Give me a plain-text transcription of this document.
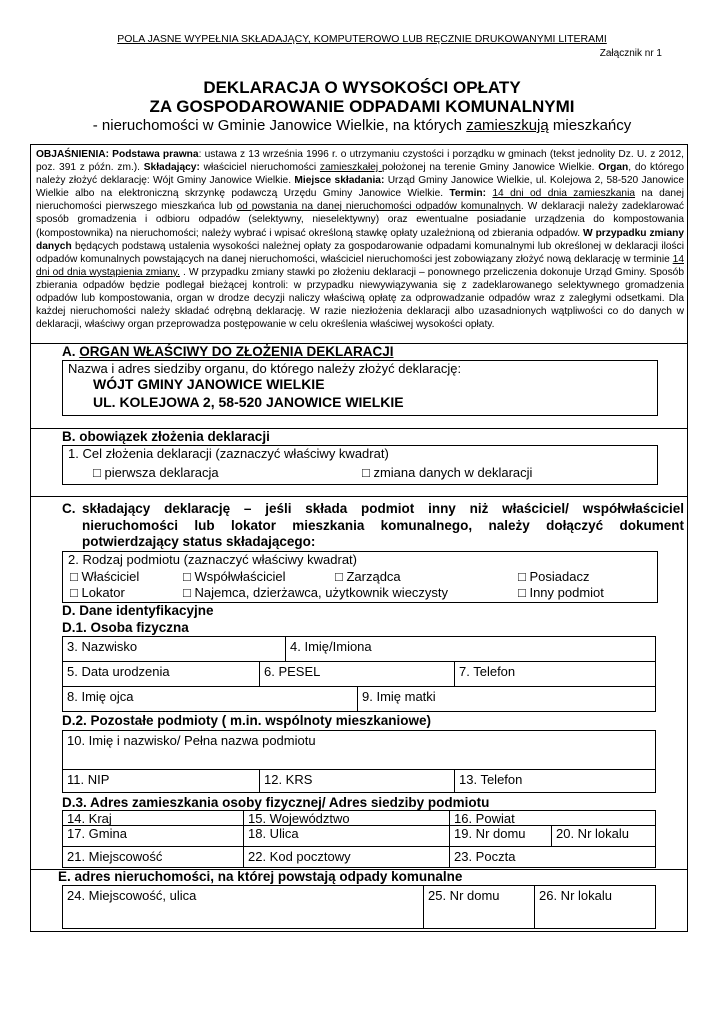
POLA JASNE WYPEŁNIA SKŁADAJĄCY, KOMPUTEROWO LUB RĘCZNIE DRUKOWANYMI LITERAMI
Załącznik nr 1
DEKLARACJA O WYSOKOŚCI OPŁATY
ZA GOSPODAROWANIE ODPADAMI KOMUNALNYMI
- nieruchomości w Gminie Janowice Wielkie, na których zamieszkują mieszkańcy
OBJAŚNIENIA: Podstawa prawna: ustawa z 13 września 1996 r. o utrzymaniu czystości i porządku w gminach (tekst jednolity Dz. U. z 2012, poz. 391 z późn. zm.). Składający: właściciel nieruchomości zamieszkałej położonej na terenie Gminy Janowice Wielkie. Organ, do którego należy złożyć deklarację: Wójt Gminy Janowice Wielkie. Miejsce składania: Urząd Gminy Janowice Wielkie, ul. Kolejowa 2, 58-520 Janowice Wielkie albo na elektroniczną skrzynkę podawczą Urzędu Gminy Janowice Wielkie. Termin: 14 dni od dnia zamieszkania na danej nieruchomości pierwszego mieszkańca lub od powstania na danej nieruchomości odpadów komunalnych. W deklaracji należy zadeklarować sposób gromadzenia i odbioru odpadów (selektywny, nieselektywny) oraz ewentualne posiadanie urządzenia do kompostowania (kompostownika) na nieruchomości; należy wybrać i wpisać określoną stawkę opłaty uzależnioną od zbierania odpadów. W przypadku zmiany danych będących podstawą ustalenia wysokości należnej opłaty za gospodarowanie odpadami komunalnymi lub określonej w deklaracji ilości odpadów komunalnych powstających na danej nieruchomości, właściciel nieruchomości jest zobowiązany złożyć nową deklarację w terminie 14 dni od dnia wystąpienia zmiany. . W przypadku zmiany stawki po złożeniu deklaracji – ponownego przeliczenia dokonuje Urząd Gminy. Sposób zbierania odpadów będzie podlegał bieżącej kontroli: w przypadku niewywiązywania się z zadeklarowanego selektywnego gromadzenia odpadów lub kompostowania, organ w drodze decyzji naliczy właściwą opłatę za odprowadzanie odpadów wraz z zaległymi odsetkami. Dla każdej nieruchomości należy składać odrębną deklarację. W razie niezłożenia deklaracji albo uzasadnionych wątpliwości co do danych w deklaracji, właściwy organ przeprowadza postępowanie w celu określenia właściwej wysokości opłaty.
A. ORGAN WŁAŚCIWY DO ZŁOŻENIA DEKLARACJI
Nazwa i adres siedziby organu, do którego należy złożyć deklarację:
WÓJT GMINY JANOWICE WIELKIE
UL. KOLEJOWA 2, 58-520 JANOWICE WIELKIE
B. obowiązek złożenia deklaracji
1. Cel złożenia deklaracji (zaznaczyć właściwy kwadrat)
□ pierwsza deklaracja	□ zmiana danych w deklaracji
C. składający deklarację – jeśli składa podmiot inny niż właściciel/ współwłaściciel nieruchomości lub lokator mieszkania komunalnego, należy dołączyć dokument potwierdzający status składającego:
2. Rodzaj podmiotu (zaznaczyć właściwy kwadrat)
□ Właściciel	□ Współwłaściciel	□ Zarządca	□ Posiadacz
□ Lokator	□ Najemca, dzierżawca, użytkownik wieczysty	□ Inny podmiot
D. Dane identyfikacyjne
D.1. Osoba fizyczna
3. Nazwisko	4. Imię/Imiona
5. Data urodzenia	6. PESEL	7. Telefon
8. Imię ojca	9. Imię matki
D.2. Pozostałe podmioty ( m.in. wspólnoty mieszkaniowe)
10. Imię i nazwisko/ Pełna nazwa podmiotu
11. NIP	12. KRS	13. Telefon
D.3. Adres zamieszkania osoby fizycznej/ Adres siedziby podmiotu
14. Kraj	15. Województwo	16. Powiat
17. Gmina	18. Ulica	19. Nr domu	20. Nr lokalu
21. Miejscowość	22. Kod pocztowy	23. Poczta
E. adres nieruchomości, na której powstają odpady komunalne
24. Miejscowość, ulica	25. Nr domu	26. Nr lokalu
